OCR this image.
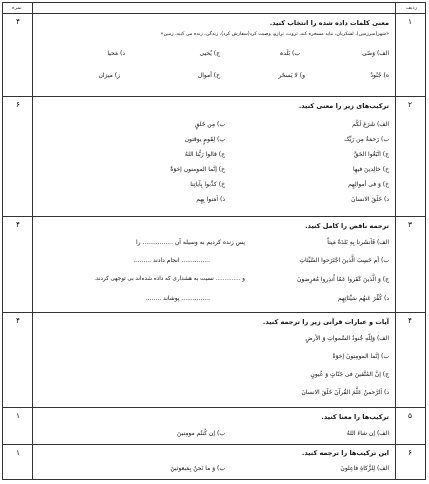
ردیف
نمره
۱
۴	معنی کلمات داده شده را انتخاب کنید.
«شهر(سرزمین)، لشکریان، نباید مسخره کند، ثروت، ترازو، وصیت کرد(سفارش کرد)، زندگی، زنده می کنید، زمین»
الف) وَصّی
ب) بَلَدہ
ج) یُحیی
د) مَحیا
ه) جُنُودٌ
و) لا یَسخَر
ح) أموال
ز) میزان
۲
۶	ترکیب‌های زیر را معنی کنید.
الف) شَرَعَ لَکُم
ب) مِن خَلقٍ
ب) رَحمَةٌ مِن رَبِّک
ب) لِقَومٍ یوقنون
ج) اتَّبَعُوا الحَقَّ
ج) قالوا رَبُّنا اللهُ
ح) خالِدینَ فیها
ح) إنَّما المومنون إخوَةٌ
خ) وَ فی أموالِهِم
خ) کذَّبوا بِآیاتِنا
د) خَلَقَ الانسانَ
ذ) آمَنوا بِهِم
۳
۴	ترجمه ناقص را کامل کنید.
الف) فَاَنشَرنا بِهِ بَلدَةً مَیتاً
پس زنده کردیم به وسیله آن ................ را
ب) أم حَسِبَ الَّذینَ اجْتَرَحوا السَّیِّئاتِ
............... انجام دادند .........
ج) وَ الَّذینَ کَفَروا عَمّا اُنذِروا مُعرِضونَ
و .............. نسبت به هشداری که داده شده‌اند بی توجهی کردند.
د) کُفِّرَ عَنهُم سَیِّئاتِهِم
............... پوشاند ........
۴
۴	آیات و عبارات قرآنی زیر را ترجمه کنید.
الف) وَلِلّهِ جُنودُ السَّمواتِ وَ الأرضِ
ب) إنَّما المومِنونَ إخوَةٌ
ج) إنَّ المُتَّقینَ فی جَنّاتٍ وَ عُیونٍ
د) اَلرَّحمنُ عَلَّمَ القُرآنَ خَلَقَ الانسانَ
۵
۱	ترکیب‌ها را معنا کنید.
الف) إن شاءَ اللهُ
ب) إن کُنتُم مومِنینَ
۶
۱	این ترکیب‌ها را ترجمه کنید.
الف) لِلزَّکاةِ فاعِلونَ
ب) وَ ما نَحنُ بِمَبعوثینَ
